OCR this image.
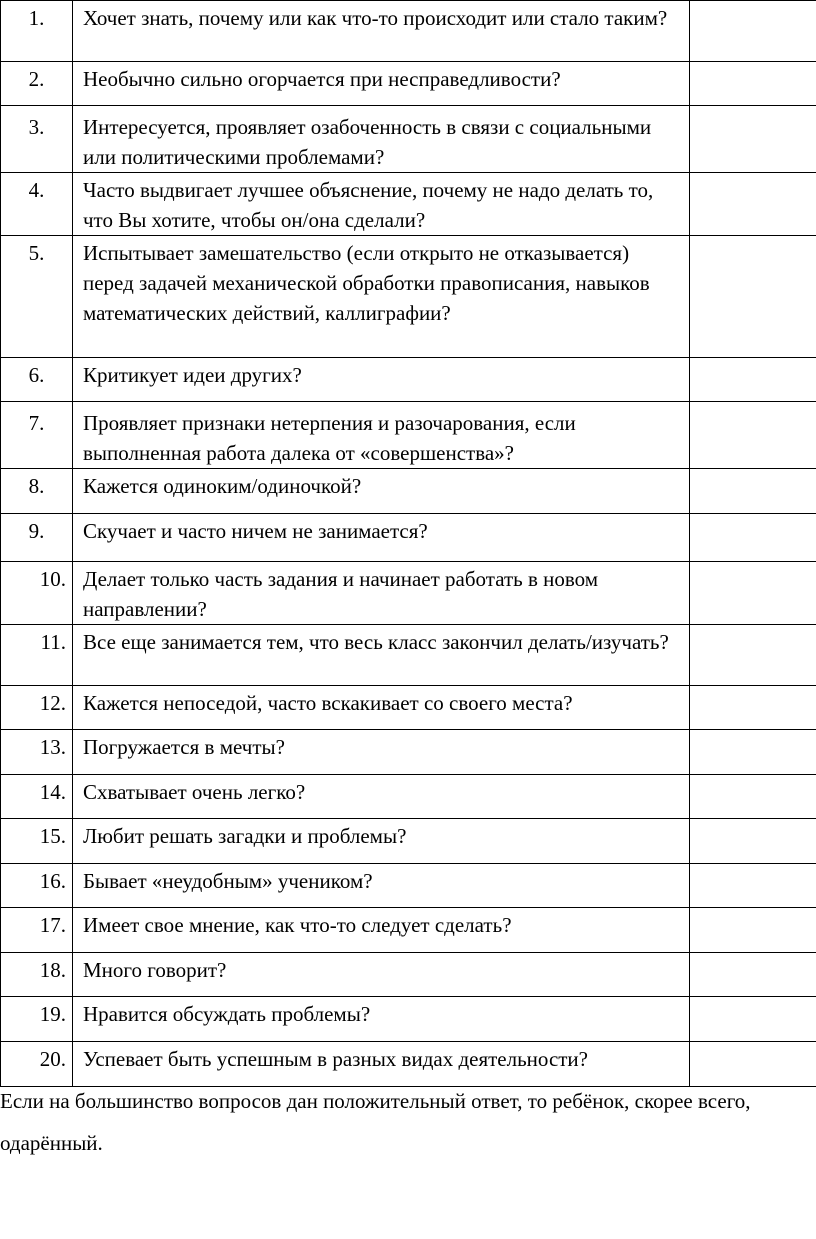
1.	Хочет знать, почему или как что-то происходит или стало таким?	
2.	Необычно сильно огорчается при несправедливости?	
3.	Интересуется, проявляет озабоченность в связи с социальными или политическими проблемами?	
4.	Часто выдвигает лучшее объяснение, почему не надо делать то, что Вы хотите, чтобы он/она сделали?	
5.	Испытывает замешательство (если открыто не отказывается) перед задачей механической обработки правописания, навыков математических действий, каллиграфии?	
6.	Критикует идеи других?	
7.	Проявляет признаки нетерпения и разочарования, если выполненная работа далека от «совершенства»?	
8.	Кажется одиноким/одиночкой?	
9.	Скучает и часто ничем не занимается?	
10.	Делает только часть задания и начинает работать в новом направлении?	
11.	Все еще занимается тем, что весь класс закончил делать/изучать?	
12.	Кажется непоседой, часто вскакивает со своего места?	
13.	Погружается в мечты?	
14.	Схватывает очень легко?	
15.	Любит решать загадки и проблемы?	
16.	Бывает «неудобным» учеником?	
17.	Имеет свое мнение, как что-то следует сделать?	
18.	Много говорит?	
19.	Нравится обсуждать проблемы?	
20.	Успевает быть успешным в разных видах деятельности?	

Если на большинство вопросов дан положительный ответ, то ребёнок, скорее всего, одарённый.
